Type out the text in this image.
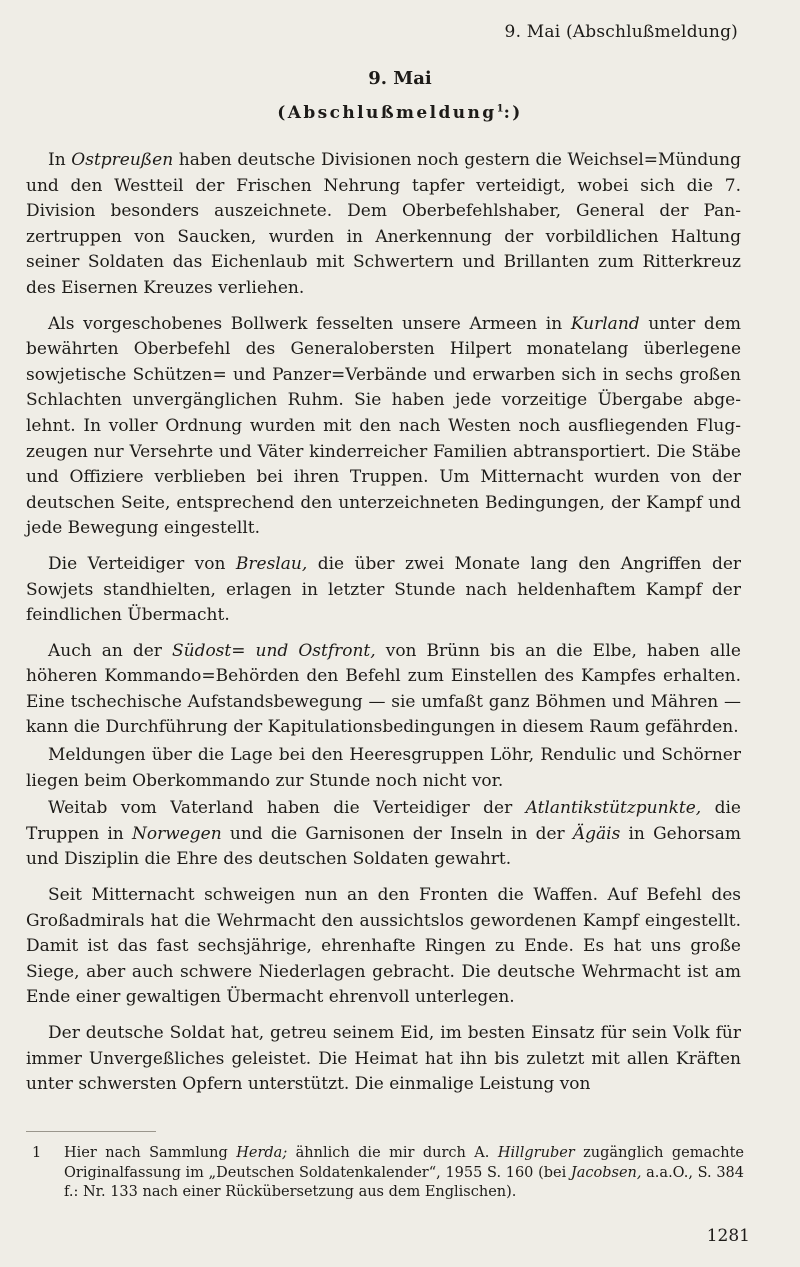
9. Mai (Abschlußmeldung)
9. Mai
(Abschlußmeldung$^1$:)

In Ostpreußen haben deutsche Divisionen noch gestern die Weichsel=Mündung und den Westteil der Frischen Nehrung tapfer verteidigt, wobei sich die 7. Division besonders auszeichnete. Dem Oberbefehlshaber, General der Panzertruppen von Saucken, wurden in Anerkennung der vorbildlichen Haltung seiner Soldaten das Eichenlaub mit Schwertern und Brillanten zum Ritterkreuz des Eisernen Kreuzes verliehen.

Als vorgeschobenes Bollwerk fesselten unsere Armeen in Kurland unter dem bewährten Oberbefehl des Generalobersten Hilpert monatelang überlegene sowjetische Schützen= und Panzer=Verbände und erwarben sich in sechs großen Schlachten unvergänglichen Ruhm. Sie haben jede vorzeitige Übergabe abgelehnt. In voller Ordnung wurden mit den nach Westen noch ausfliegenden Flugzeugen nur Versehrte und Väter kinderreicher Familien abtransportiert. Die Stäbe und Offiziere verblieben bei ihren Truppen. Um Mitternacht wurden von der deutschen Seite, entsprechend den unterzeichneten Bedingungen, der Kampf und jede Bewegung eingestellt.

Die Verteidiger von Breslau, die über zwei Monate lang den Angriffen der Sowjets standhielten, erlagen in letzter Stunde nach heldenhaftem Kampf der feindlichen Übermacht.

Auch an der Südost= und Ostfront, von Brünn bis an die Elbe, haben alle höheren Kommando=Behörden den Befehl zum Einstellen des Kampfes erhalten. Eine tschechische Aufstandsbewegung — sie umfaßt ganz Böhmen und Mähren — kann die Durchführung der Kapitulationsbedingungen in diesem Raum gefährden.

Meldungen über die Lage bei den Heeresgruppen Löhr, Rendulic und Schörner liegen beim Oberkommando zur Stunde noch nicht vor.

Weitab vom Vaterland haben die Verteidiger der Atlantikstützpunkte, die Truppen in Norwegen und die Garnisonen der Inseln in der Ägäis in Gehorsam und Disziplin die Ehre des deutschen Soldaten gewahrt.

Seit Mitternacht schweigen nun an den Fronten die Waffen. Auf Befehl des Großadmirals hat die Wehrmacht den aussichtslos gewordenen Kampf eingestellt. Damit ist das fast sechsjährige, ehrenhafte Ringen zu Ende. Es hat uns große Siege, aber auch schwere Niederlagen gebracht. Die deutsche Wehrmacht ist am Ende einer gewaltigen Übermacht ehrenvoll unterlegen.

Der deutsche Soldat hat, getreu seinem Eid, im besten Einsatz für sein Volk für immer Unvergeßliches geleistet. Die Heimat hat ihn bis zuletzt mit allen Kräften unter schwersten Opfern unterstützt. Die einmalige Leistung von

1 Hier nach Sammlung Herda; ähnlich die mir durch A. Hillgruber zugänglich gemachte Originalfassung im „Deutschen Soldatenkalender“, 1955 S. 160 (bei Jacobsen, a.a.O., S. 384 f.: Nr. 133 nach einer Rückübersetzung aus dem Englischen).
1281
